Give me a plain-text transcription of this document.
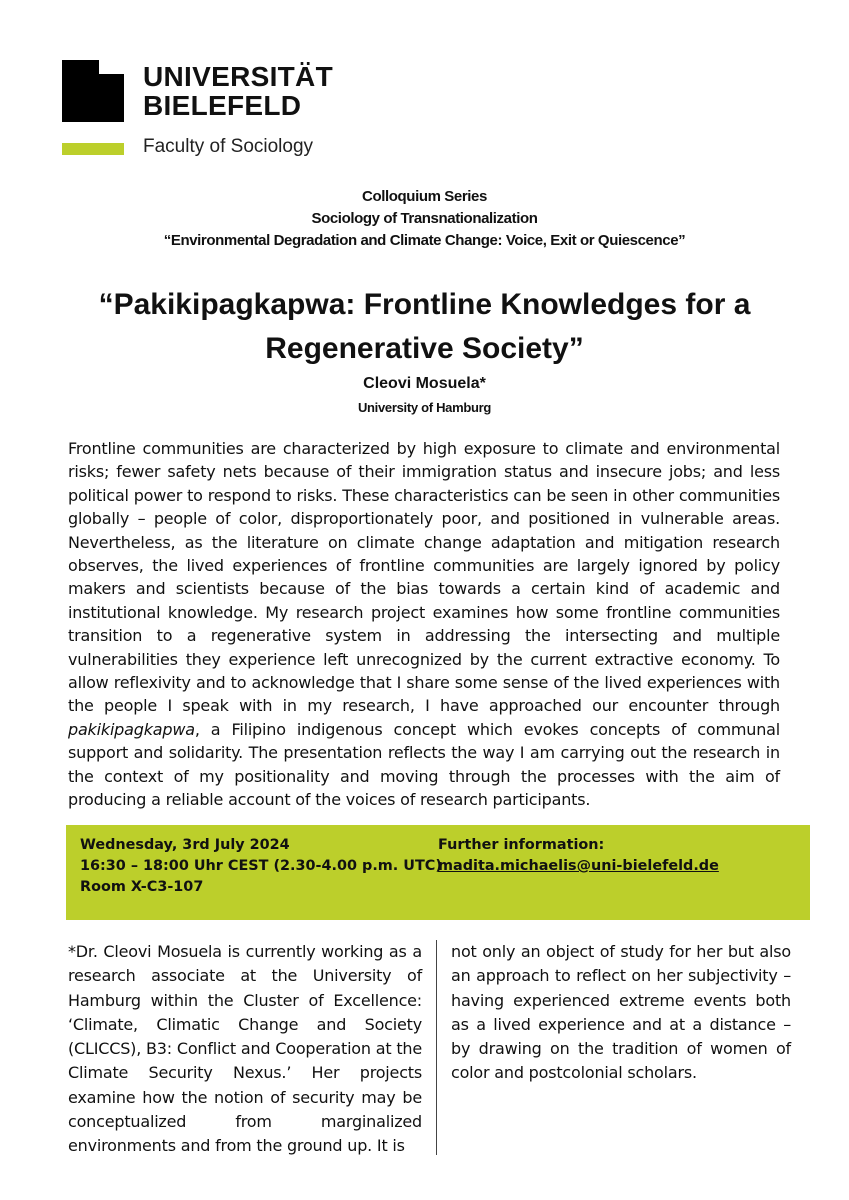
UNIVERSITÄT
BIELEFELD
Faculty of Sociology
Colloquium Series
Sociology of Transnationalization
“Environmental Degradation and Climate Change: Voice, Exit or Quiescence”
“Pakikipagkapwa: Frontline Knowledges for a
Regenerative Society”
Cleovi Mosuela*
University of Hamburg
Frontline communities are characterized by high exposure to climate and environmental risks; fewer safety nets because of their immigration status and insecure jobs; and less political power to respond to risks. These characteristics can be seen in other communities globally – people of color, disproportionately poor, and positioned in vulnerable areas. Nevertheless, as the literature on climate change adaptation and mitigation research observes, the lived experiences of frontline communities are largely ignored by policy makers and scientists because of the bias towards a certain kind of academic and institutional knowledge. My research project examines how some frontline communities transition to a regenerative system in addressing the intersecting and multiple vulnerabilities they experience left unrecognized by the current extractive economy. To allow reflexivity and to acknowledge that I share some sense of the lived experiences with the people I speak with in my research, I have approached our encounter through pakikipagkapwa, a Filipino indigenous concept which evokes concepts of communal support and solidarity. The presentation reflects the way I am carrying out the research in the context of my positionality and moving through the processes with the aim of producing a reliable account of the voices of research participants.
Wednesday, 3rd July 2024
16:30 – 18:00 Uhr CEST (2.30-4.00 p.m. UTC)
Room X-C3-107
Further information:
madita.michaelis@uni-bielefeld.de
*Dr. Cleovi Mosuela is currently working as a research associate at the University of Hamburg within the Cluster of Excellence: ‘Climate, Climatic Change and Society (CLICCS), B3: Conflict and Cooperation at the Climate Security Nexus.’ Her projects examine how the notion of security may be conceptualized from marginalized environments and from the ground up. It is
not only an object of study for her but also an approach to reflect on her subjectivity – having experienced extreme events both as a lived experience and at a distance – by drawing on the tradition of women of color and postcolonial scholars.
